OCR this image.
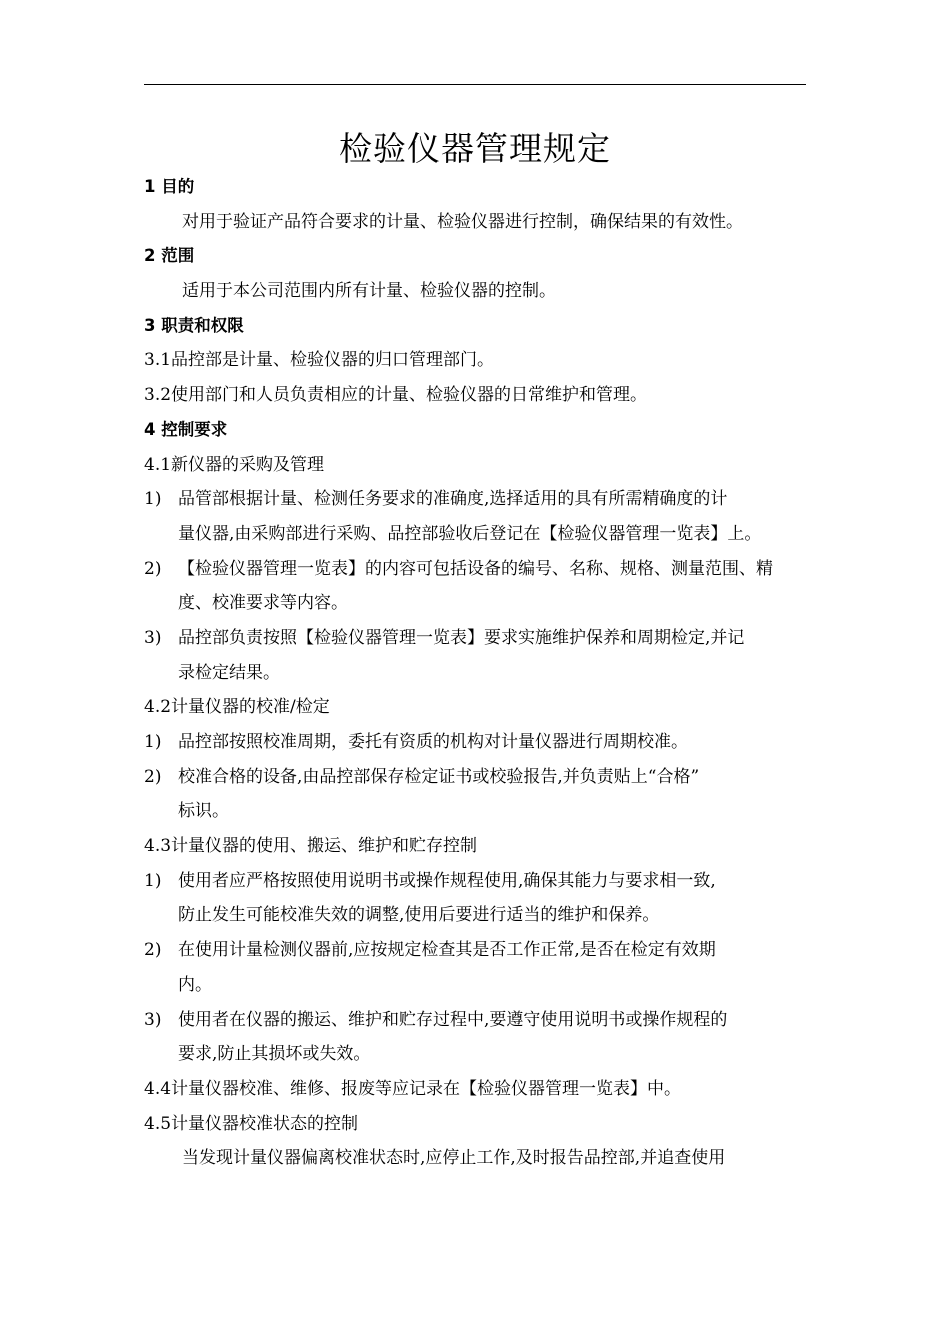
检验仪器管理规定
1 目的
对用于验证产品符合要求的计量、检验仪器进行控制，确保结果的有效性。
2 范围
适用于本公司范围内所有计量、检验仪器的控制。
3 职责和权限
3.1品控部是计量、检验仪器的归口管理部门。
3.2使用部门和人员负责相应的计量、检验仪器的日常维护和管理。
4 控制要求
4.1新仪器的采购及管理
1) 品管部根据计量、检测任务要求的准确度,选择适用的具有所需精确度的计
量仪器,由采购部进行采购、品控部验收后登记在【检验仪器管理一览表】上。
2) 【检验仪器管理一览表】的内容可包括设备的编号、名称、规格、测量范围、精
度、校准要求等内容。
3) 品控部负责按照【检验仪器管理一览表】要求实施维护保养和周期检定,并记
录检定结果。
4.2计量仪器的校准/检定
1) 品控部按照校准周期，委托有资质的机构对计量仪器进行周期校准。
2) 校准合格的设备,由品控部保存检定证书或校验报告,并负责贴上“合格”
标识。
4.3计量仪器的使用、搬运、维护和贮存控制
1) 使用者应严格按照使用说明书或操作规程使用,确保其能力与要求相一致,
防止发生可能校准失效的调整,使用后要进行适当的维护和保养。
2) 在使用计量检测仪器前,应按规定检查其是否工作正常,是否在检定有效期
内。
3) 使用者在仪器的搬运、维护和贮存过程中,要遵守使用说明书或操作规程的
要求,防止其损坏或失效。
4.4计量仪器校准、维修、报废等应记录在【检验仪器管理一览表】中。
4.5计量仪器校准状态的控制
当发现计量仪器偏离校准状态时,应停止工作,及时报告品控部,并追查使用
